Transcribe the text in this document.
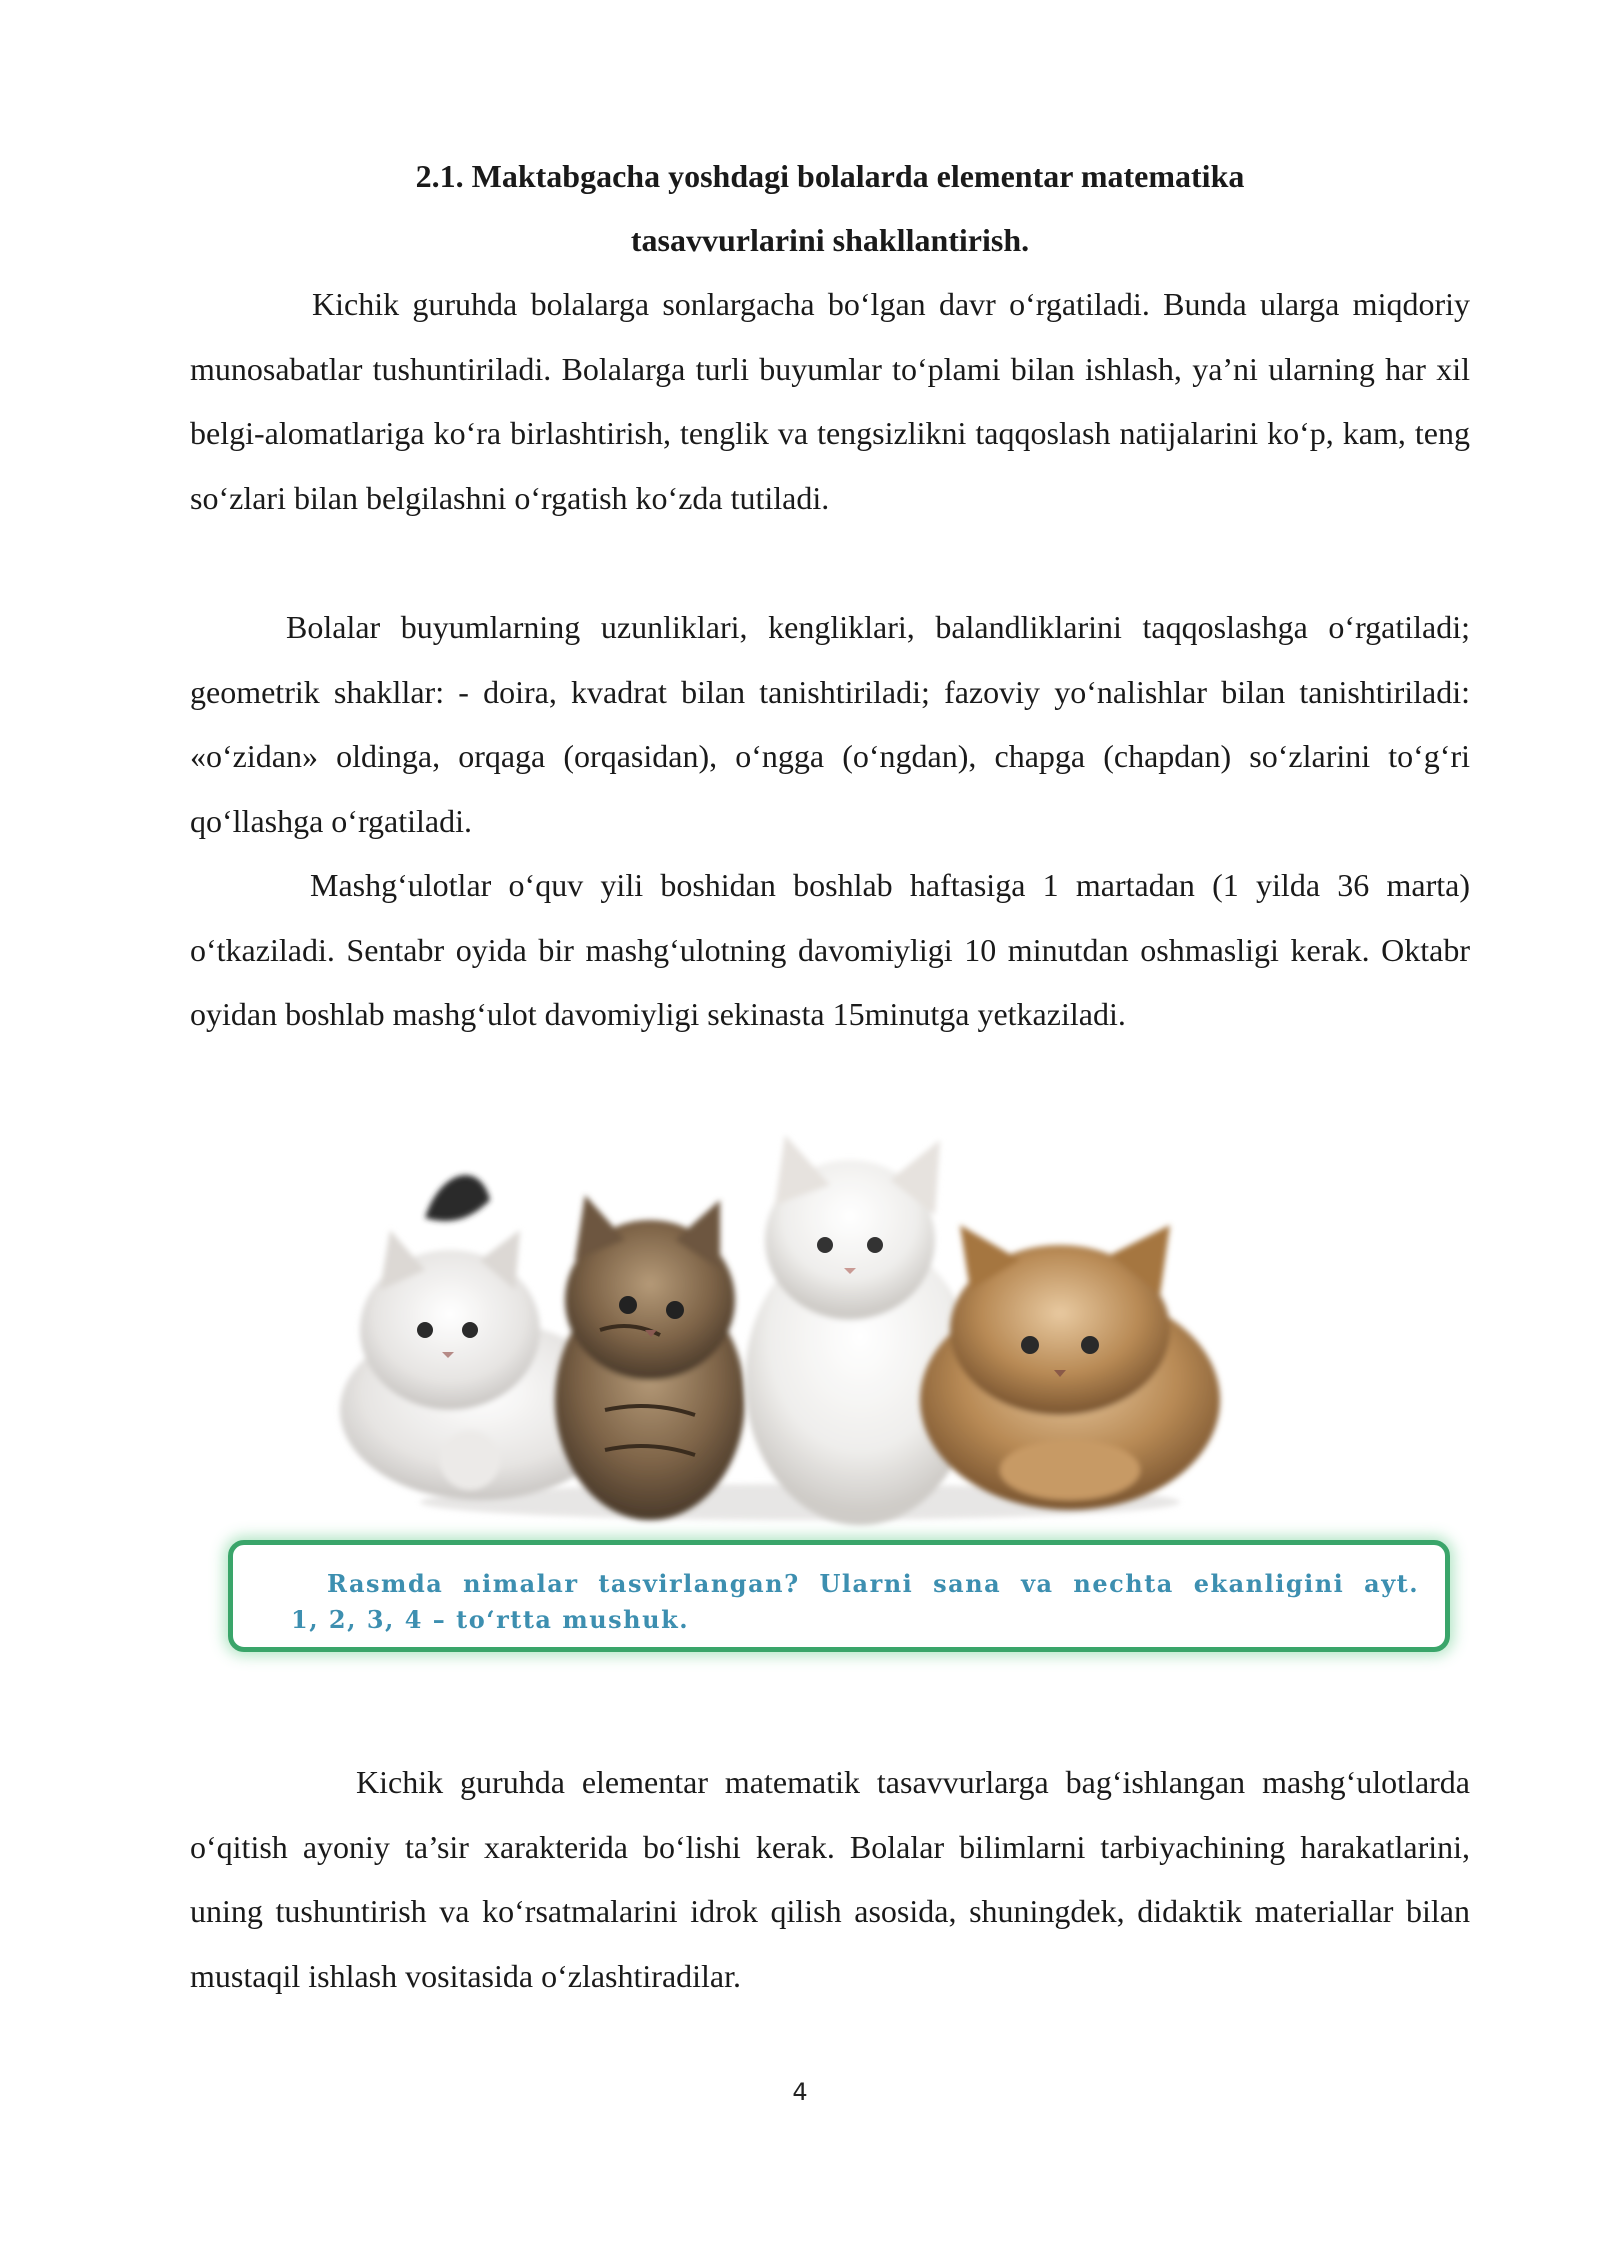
2.1. Maktabgacha yoshdagi bolalarda elementar matematika
tasavvurlarini shakllantirish.

Kichik guruhda bolalarga sonlargacha bo‘lgan davr o‘rgatiladi. Bunda ularga miqdoriy munosabatlar tushuntiriladi. Bolalarga turli buyumlar to‘plami bilan ishlash, ya’ni ularning har xil belgi-alomatlariga ko‘ra birlashtirish, tenglik va tengsizlikni taqqoslash natijalarini ko‘p, kam, teng so‘zlari bilan belgilashni o‘rgatish ko‘zda tutiladi.

Bolalar buyumlarning uzunliklari, kengliklari, balandliklarini taqqoslashga o‘rgatiladi; geometrik shakllar: - doira, kvadrat bilan tanishtiriladi; fazoviy yo‘nalishlar bilan tanishtiriladi: «o‘zidan» oldinga, orqaga (orqasidan), o‘ngga (o‘ngdan), chapga (chapdan) so‘zlarini to‘g‘ri qo‘llashga o‘rgatiladi.

Mashg‘ulotlar o‘quv yili boshidan boshlab haftasiga 1 martadan (1 yilda 36 marta) o‘tkaziladi. Sentabr oyida bir mashg‘ulotning davomiyligi 10 minutdan oshmasligi kerak. Oktabr oyidan boshlab mashg‘ulot davomiyligi sekinasta 15minutga yetkaziladi.

Rasmda nimalar tasvirlangan? Ularni sana va nechta ekanligini ayt.
1, 2, 3, 4 – to‘rtta mushuk.

Kichik guruhda elementar matematik tasavvurlarga bag‘ishlangan mashg‘ulotlarda o‘qitish ayoniy ta’sir xarakterida bo‘lishi kerak. Bolalar bilimlarni tarbiyachining harakatlarini, uning tushuntirish va ko‘rsatmalarini idrok qilish asosida, shuningdek, didaktik materiallar bilan mustaqil ishlash vositasida o‘zlashtiradilar.

4
